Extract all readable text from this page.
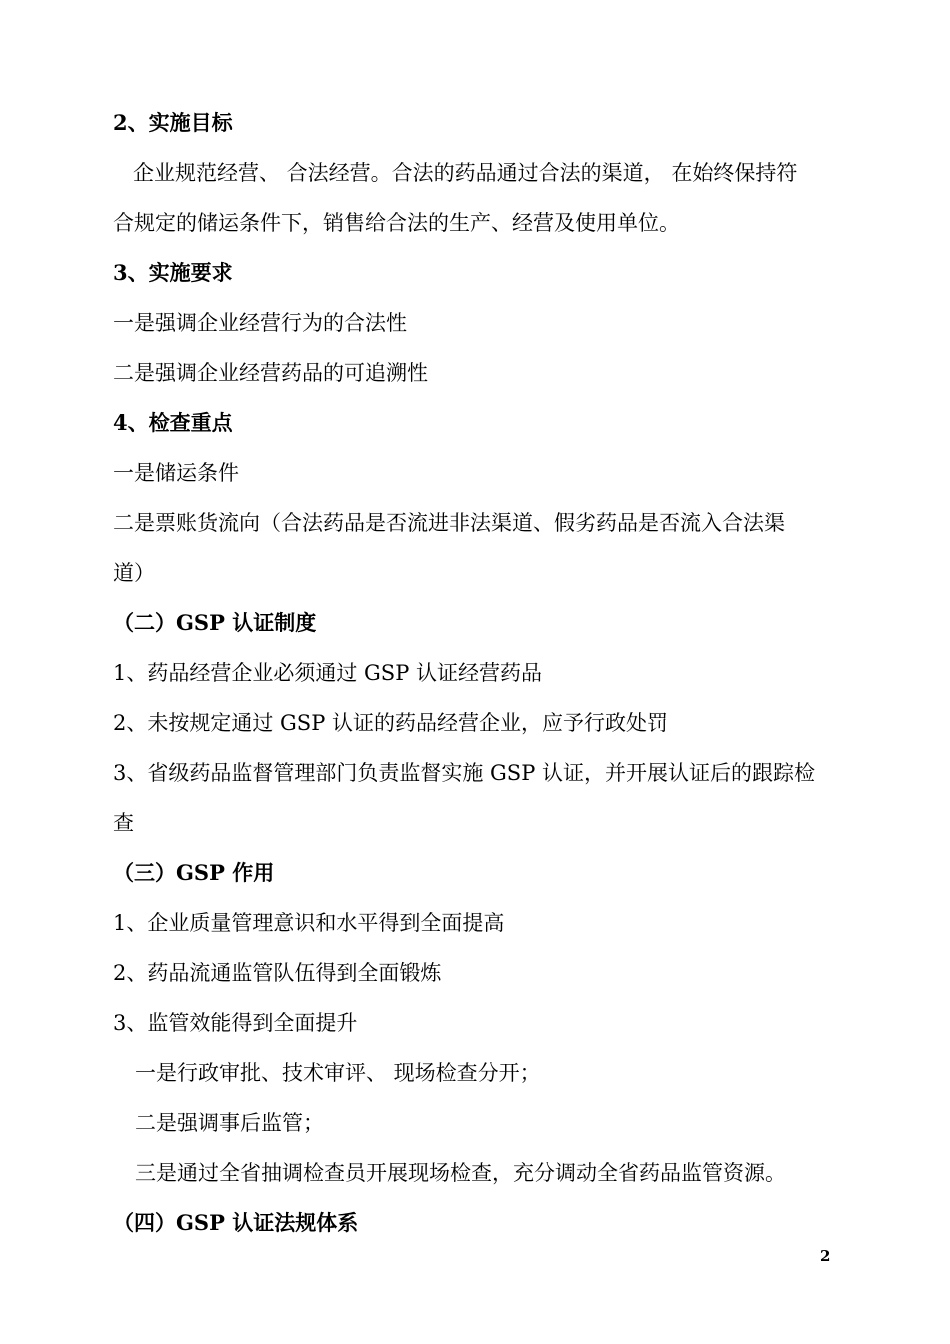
2、实施目标

企业规范经营、 合法经营。合法的药品通过合法的渠道， 在始终保持符

合规定的储运条件下，销售给合法的生产、经营及使用单位。

3、实施要求

一是强调企业经营行为的合法性

二是强调企业经营药品的可追溯性

4、检查重点

一是储运条件

二是票账货流向（合法药品是否流进非法渠道、假劣药品是否流入合法渠

道）

（二）GSP 认证制度

1、药品经营企业必须通过 GSP 认证经营药品

2、未按规定通过 GSP 认证的药品经营企业，应予行政处罚

3、省级药品监督管理部门负责监督实施 GSP 认证，并开展认证后的跟踪检

查

（三）GSP 作用

1、企业质量管理意识和水平得到全面提高

2、药品流通监管队伍得到全面锻炼

3、监管效能得到全面提升

一是行政审批、技术审评、 现场检查分开；

二是强调事后监管；

三是通过全省抽调检查员开展现场检查，充分调动全省药品监管资源。

（四）GSP 认证法规体系

2
